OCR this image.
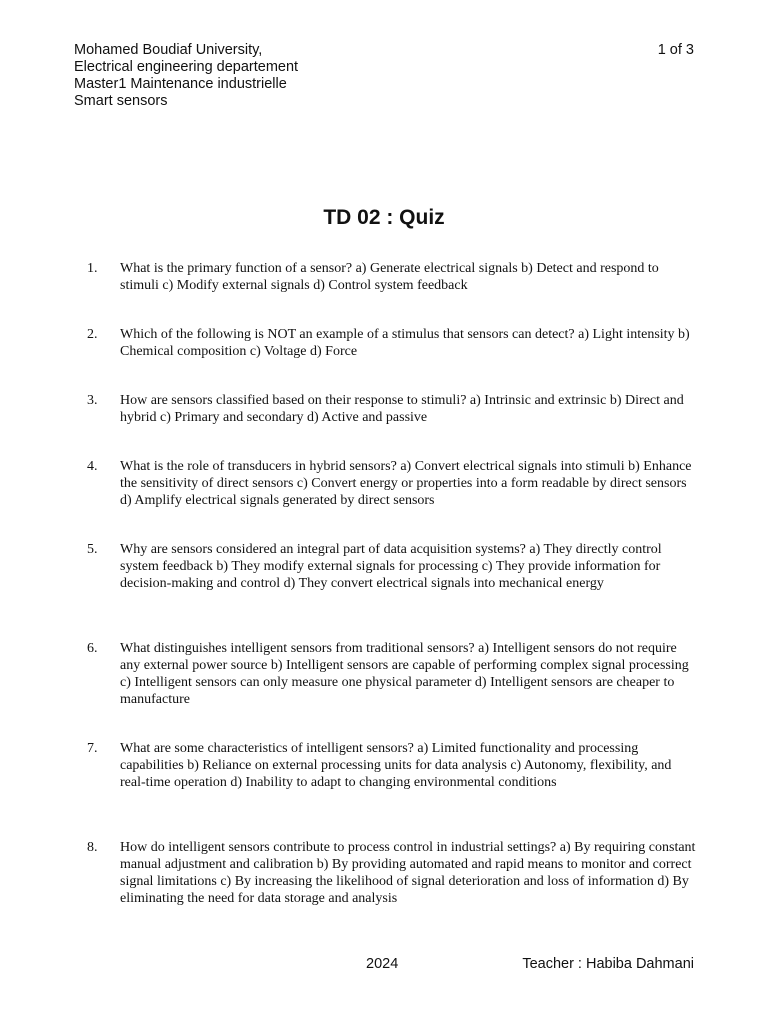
Mohamed Boudiaf University,
Electrical engineering departement
Master1 Maintenance industrielle
Smart sensors
1 of 3
TD 02 : Quiz
1.	What is the primary function of a sensor? a) Generate electrical signals b) Detect and respond to stimuli c) Modify external signals d) Control system feedback
2.	Which of the following is NOT an example of a stimulus that sensors can detect? a) Light intensity b) Chemical composition c) Voltage d) Force
3.	How are sensors classified based on their response to stimuli? a) Intrinsic and extrinsic b) Direct and hybrid c) Primary and secondary d) Active and passive
4.	What is the role of transducers in hybrid sensors? a) Convert electrical signals into stimuli b) Enhance the sensitivity of direct sensors c) Convert energy or properties into a form readable by direct sensors d) Amplify electrical signals generated by direct sensors
5.	Why are sensors considered an integral part of data acquisition systems? a) They directly control system feedback b) They modify external signals for processing c) They provide information for decision-making and control d) They convert electrical signals into mechanical energy
6.	What distinguishes intelligent sensors from traditional sensors? a) Intelligent sensors do not require any external power source b) Intelligent sensors are capable of performing complex signal processing c) Intelligent sensors can only measure one physical parameter d) Intelligent sensors are cheaper to manufacture
7.	What are some characteristics of intelligent sensors? a) Limited functionality and processing capabilities b) Reliance on external processing units for data analysis c) Autonomy, flexibility, and real-time operation d) Inability to adapt to changing environmental conditions
8.	How do intelligent sensors contribute to process control in industrial settings? a) By requiring constant manual adjustment and calibration b) By providing automated and rapid means to monitor and correct signal limitations c) By increasing the likelihood of signal deterioration and loss of information d) By eliminating the need for data storage and analysis
2024	Teacher : Habiba Dahmani
